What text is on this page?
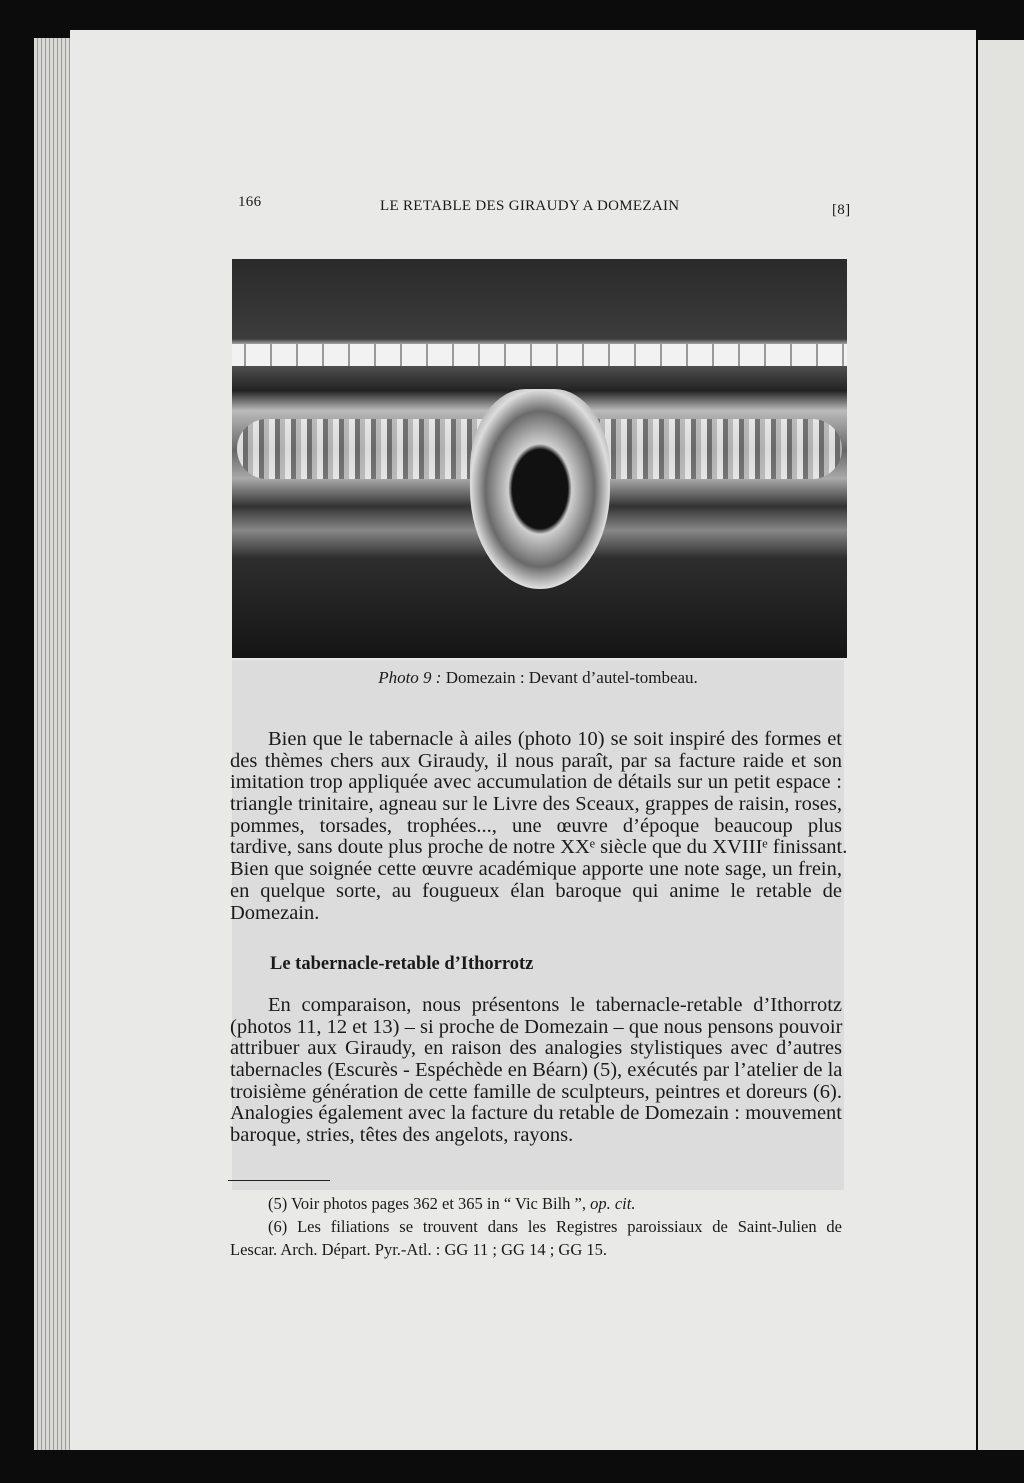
166	LE RETABLE DES GIRAUDY A DOMEZAIN	[8]
Photo 9 : Domezain : Devant d’autel-tombeau.
Bien que le tabernacle à ailes (photo 10) se soit inspiré des formes et
des thèmes chers aux Giraudy, il nous paraît, par sa facture raide et son
imitation trop appliquée avec accumulation de détails sur un petit espace :
triangle trinitaire, agneau sur le Livre des Sceaux, grappes de raisin, roses,
pommes, torsades, trophées..., une œuvre d’époque beaucoup plus
tardive, sans doute plus proche de notre XXᵉ siècle que du XVIIIᵉ finissant.
Bien que soignée cette œuvre académique apporte une note sage, un frein,
en quelque sorte, au fougueux élan baroque qui anime le retable de
Domezain.
Le tabernacle-retable d’Ithorrotz
En comparaison, nous présentons le tabernacle-retable d’Ithorrotz
(photos 11, 12 et 13) – si proche de Domezain – que nous pensons pouvoir
attribuer aux Giraudy, en raison des analogies stylistiques avec d’autres
tabernacles (Escurès - Espéchède en Béarn) (5), exécutés par l’atelier de la
troisième génération de cette famille de sculpteurs, peintres et doreurs (6).
Analogies également avec la facture du retable de Domezain : mouvement
baroque, stries, têtes des angelots, rayons.
(5) Voir photos pages 362 et 365 in “ Vic Bilh ”, op. cit.
(6) Les filiations se trouvent dans les Registres paroissiaux de Saint-Julien de
Lescar. Arch. Départ. Pyr.-Atl. : GG 11 ; GG 14 ; GG 15.
